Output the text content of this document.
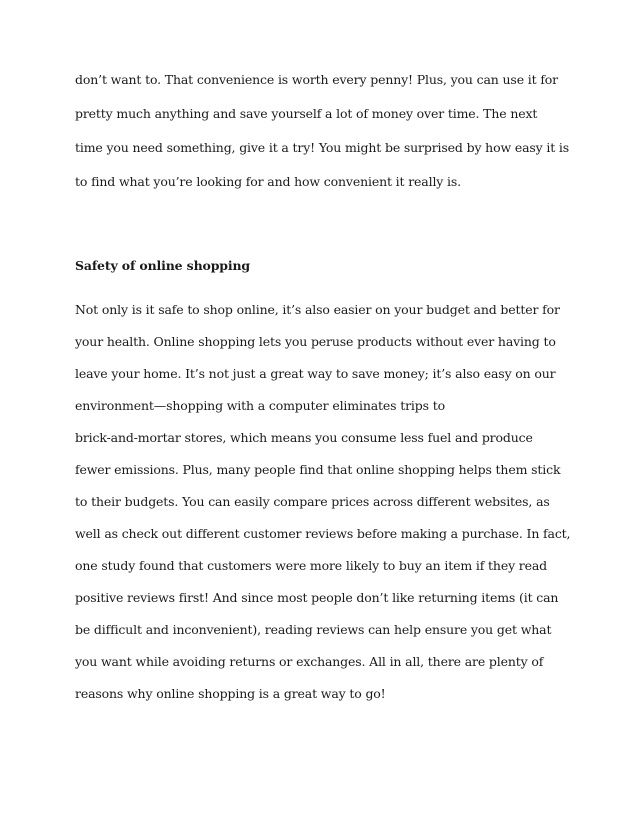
don’t want to. That convenience is worth every penny! Plus, you can use it for
pretty much anything and save yourself a lot of money over time. The next
time you need something, give it a try! You might be surprised by how easy it is
to find what you’re looking for and how convenient it really is.
Safety of online shopping
Not only is it safe to shop online, it’s also easier on your budget and better for
your health. Online shopping lets you peruse products without ever having to
leave your home. It’s not just a great way to save money; it’s also easy on our
environment—shopping with a computer eliminates trips to
brick-and-mortar stores, which means you consume less fuel and produce
fewer emissions. Plus, many people find that online shopping helps them stick
to their budgets. You can easily compare prices across different websites, as
well as check out different customer reviews before making a purchase. In fact,
one study found that customers were more likely to buy an item if they read
positive reviews first! And since most people don’t like returning items (it can
be difficult and inconvenient), reading reviews can help ensure you get what
you want while avoiding returns or exchanges. All in all, there are plenty of
reasons why online shopping is a great way to go!
